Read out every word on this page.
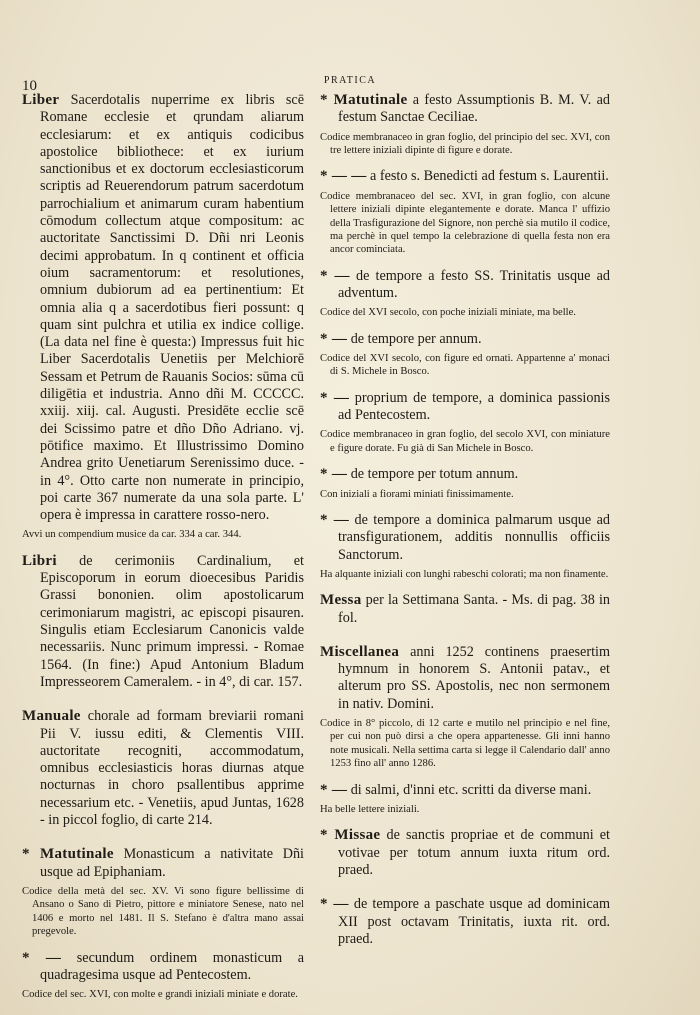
10	PRATICA
Liber Sacerdotalis nuperrime ex libris scē Romane ecclesie et qrundam aliarum ecclesiarum: et ex antiquis codicibus apostolice bibliothece: et ex iurium sanctionibus et ex doctorum ecclesiasticorum scriptis ad Reuerendorum patrum sacerdotum parrochialium et animarum curam habentium cōmodum collectum atque compositum: ac auctoritate Sanctissimi D. Dñi nri Leonis decimi approbatum. In q continent et officia oium sacramentorum: et resolutiones, omnium dubiorum ad ea pertinentium: Et omnia alia q a sacerdotibus fieri possunt: q quam sint pulchra et utilia ex indice collige. (La data nel fine è questa:) Impressus fuit hic Liber Sacerdotalis Uenetiis per Melchiorē Sessam et Petrum de Rauanis Socios: sūma cū diligētia et industria. Anno dñi M. CCCCC. xxiij. xiij. cal. Augusti. Presidēte ecclie scē dei Scissimo patre et dño Dño Adriano. vj. pōtifice maximo. Et Illustrissimo Domino Andrea grito Uenetiarum Serenissimo duce. - in 4°. Otto carte non numerate in principio, poi carte 367 numerate da una sola parte. L' opera è impressa in carattere rosso-nero.
Avvi un compendium musice da car. 334 a car. 344.
Libri de cerimoniis Cardinalium, et Episcoporum in eorum dioecesibus Paridis Grassi bononien. olim apostolicarum cerimoniarum magistri, ac episcopi pisauren. Singulis etiam Ecclesiarum Canonicis valde necessariis. Nunc primum impressi. - Romae 1564. (In fine:) Apud Antonium Bladum Impresseorem Cameralem. - in 4°, di car. 157.
Manuale chorale ad formam breviarii romani Pii V. iussu editi, & Clementis VIII. auctoritate recogniti, accommodatum, omnibus ecclesiasticis horas diurnas atque nocturnas in choro psallentibus apprime necessarium etc. - Venetiis, apud Juntas, 1628 - in piccol foglio, di carte 214.
* Matutinale Monasticum a nativitate Dñi usque ad Epiphaniam.
Codice della metà del sec. XV. Vi sono figure bellissime di Ansano o Sano di Pietro, pittore e miniatore Senese, nato nel 1406 e morto nel 1481. Il S. Stefano è d'altra mano assai pregevole.
* — secundum ordinem monasticum a quadragesima usque ad Pentecostem.
Codice del sec. XVI, con molte e grandi iniziali miniate e dorate.
* Matutinale a festo Assumptionis B. M. V. ad festum Sanctae Ceciliae.
Codice membranaceo in gran foglio, del principio del sec. XVI, con tre lettere iniziali dipinte di figure e dorate.
* — — a festo s. Benedicti ad festum s. Laurentii.
Codice membranaceo del sec. XVI, in gran foglio, con alcune lettere iniziali dipinte elegantemente e dorate. Manca l' uffizio della Trasfigurazione del Signore, non perchè sia mutilo il codice, ma perchè in quel tempo la celebrazione di quella festa non era ancor cominciata.
* — de tempore a festo SS. Trinitatis usque ad adventum.
Codice del XVI secolo, con poche iniziali miniate, ma belle.
* — de tempore per annum.
Codice del XVI secolo, con figure ed ornati. Appartenne a' monaci di S. Michele in Bosco.
* — proprium de tempore, a dominica passionis ad Pentecostem.
Codice membranaceo in gran foglio, del secolo XVI, con miniature e figure dorate. Fu già di San Michele in Bosco.
* — de tempore per totum annum.
Con iniziali a fiorami miniati finissimamente.
* — de tempore a dominica palmarum usque ad transfigurationem, additis nonnullis officiis Sanctorum.
Ha alquante iniziali con lunghi rabeschi colorati; ma non finamente.
Messa per la Settimana Santa. - Ms. di pag. 38 in fol.
Miscellanea anni 1252 continens praesertim hymnum in honorem S. Antonii patav., et alterum pro SS. Apostolis, nec non sermonem in nativ. Domini.
Codice in 8° piccolo, di 12 carte e mutilo nel principio e nel fine, per cui non può dirsi a che opera appartenesse. Gli inni hanno note musicali. Nella settima carta si legge il Calendario dall' anno 1253 fino all' anno 1286.
* — di salmi, d'inni etc. scritti da diverse mani.
Ha belle lettere iniziali.
* Missae de sanctis propriae et de communi et votivae per totum annum iuxta ritum ord. praed.
* — de tempore a paschate usque ad dominicam XII post octavam Trinitatis, iuxta rit. ord. praed.
